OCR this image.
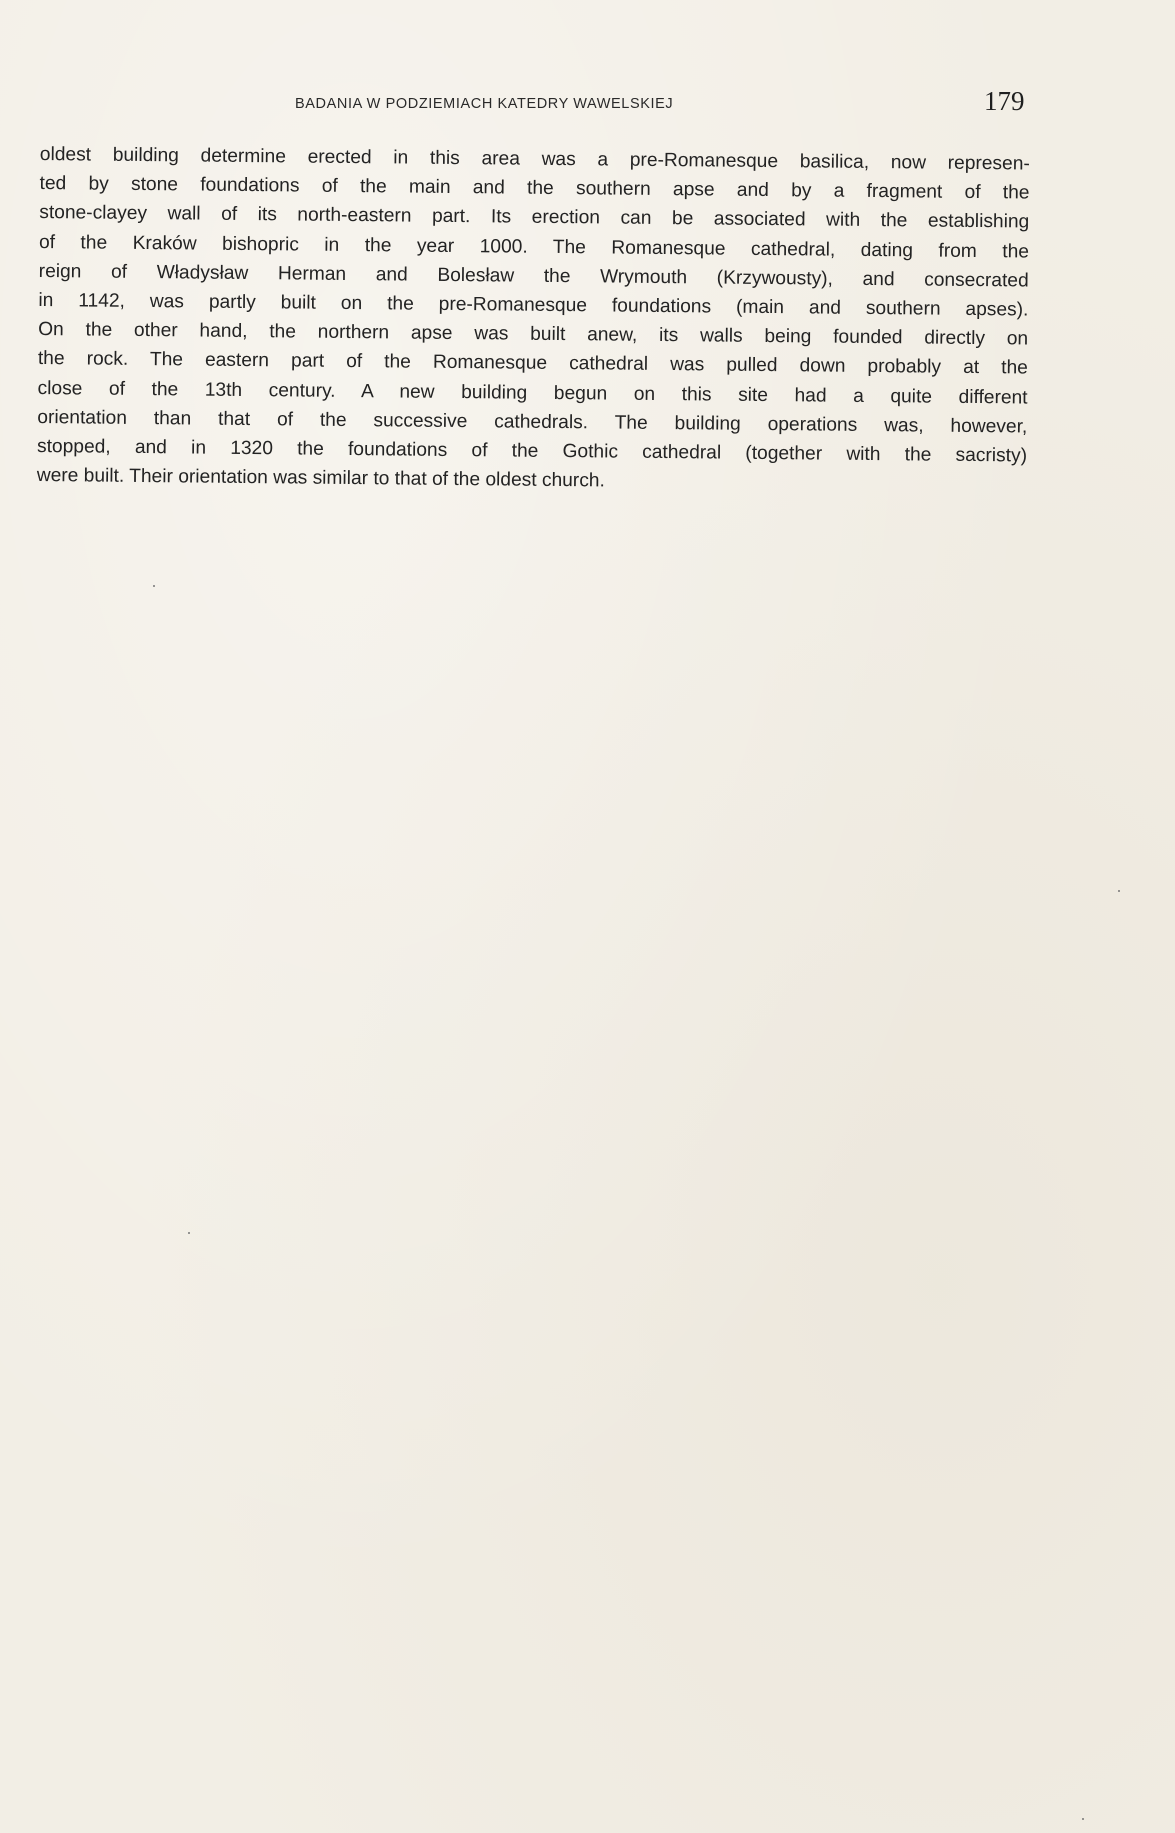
BADANIA W PODZIEMIACH KATEDRY WAWELSKIEJ	179
oldest building determine erected in this area was a pre-Romanesque basilica, now represen-
ted by stone foundations of the main and the southern apse and by a fragment of the
stone-clayey wall of its north-eastern part. Its erection can be associated with the establishing
of the Kraków bishopric in the year 1000. The Romanesque cathedral, dating from the
reign of Władysław Herman and Bolesław the Wrymouth (Krzywousty), and consecrated
in 1142, was partly built on the pre-Romanesque foundations (main and southern apses).
On the other hand, the northern apse was built anew, its walls being founded directly on
the rock. The eastern part of the Romanesque cathedral was pulled down probably at the
close of the 13th century. A new building begun on this site had a quite different
orientation than that of the successive cathedrals. The building operations was, however,
stopped, and in 1320 the foundations of the Gothic cathedral (together with the sacristy)
were built. Their orientation was similar to that of the oldest church.
